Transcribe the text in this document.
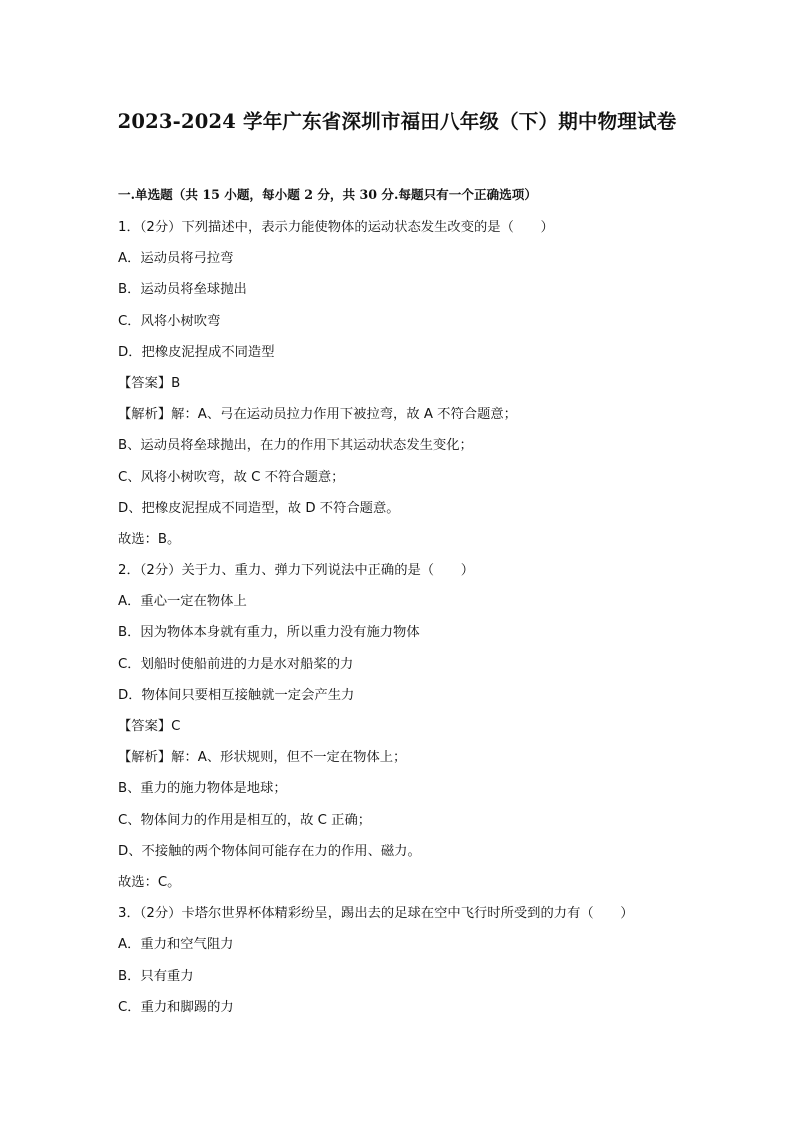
2023-2024 学年广东省深圳市福田八年级（下）期中物理试卷
一.单选题（共 15 小题，每小题 2 分，共 30 分.每题只有一个正确选项）
1．（2分）下列描述中，表示力能使物体的运动状态发生改变的是（　　）
A．运动员将弓拉弯
B．运动员将垒球抛出
C．风将小树吹弯
D．把橡皮泥捏成不同造型
【答案】B
【解析】解：A、弓在运动员拉力作用下被拉弯，故 A 不符合题意；
B、运动员将垒球抛出，在力的作用下其运动状态发生变化；
C、风将小树吹弯，故 C 不符合题意；
D、把橡皮泥捏成不同造型，故 D 不符合题意。
故选：B。
2．（2分）关于力、重力、弹力下列说法中正确的是（　　）
A．重心一定在物体上
B．因为物体本身就有重力，所以重力没有施力物体
C．划船时使船前进的力是水对船桨的力
D．物体间只要相互接触就一定会产生力
【答案】C
【解析】解：A、形状规则，但不一定在物体上；
B、重力的施力物体是地球；
C、物体间力的作用是相互的，故 C 正确；
D、不接触的两个物体间可能存在力的作用、磁力。
故选：C。
3．（2分）卡塔尔世界杯体精彩纷呈，踢出去的足球在空中飞行时所受到的力有（　　）
A．重力和空气阻力
B．只有重力
C．重力和脚踢的力
